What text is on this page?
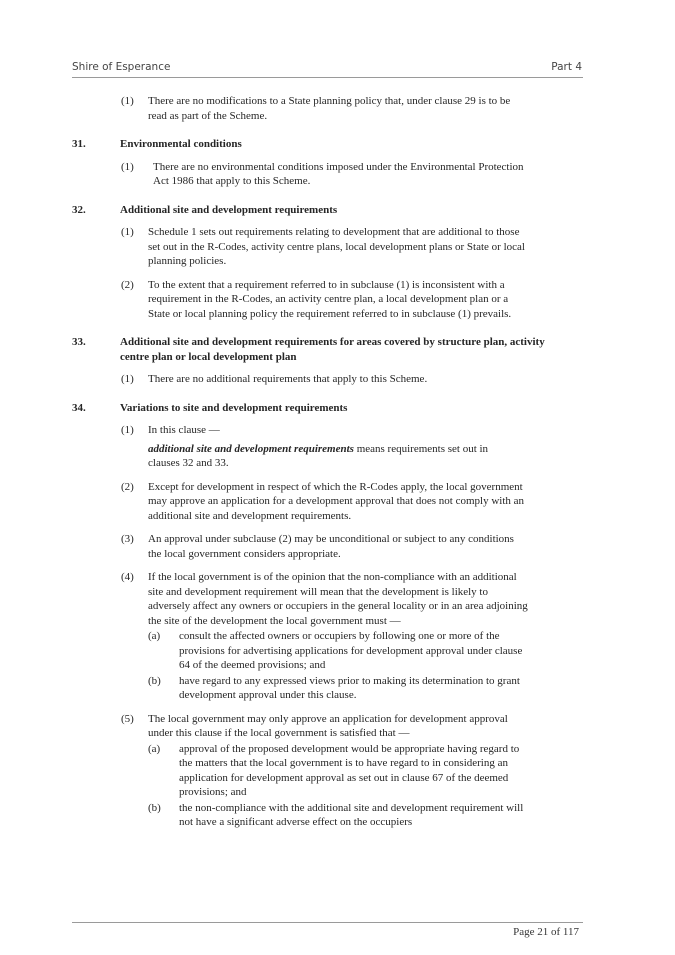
Shire of Esperance	Part 4
(1) There are no modifications to a State planning policy that, under clause 29 is to be read as part of the Scheme.
31.	Environmental conditions
(1) There are no environmental conditions imposed under the Environmental Protection Act 1986 that apply to this Scheme.
32.	Additional site and development requirements
(1) Schedule 1 sets out requirements relating to development that are additional to those set out in the R-Codes, activity centre plans, local development plans or State or local planning policies.
(2) To the extent that a requirement referred to in subclause (1) is inconsistent with a requirement in the R-Codes, an activity centre plan, a local development plan or a State or local planning policy the requirement referred to in subclause (1) prevails.
33.	Additional site and development requirements for areas covered by structure plan, activity centre plan or local development plan
(1) There are no additional requirements that apply to this Scheme.
34.	Variations to site and development requirements
(1) In this clause —
additional site and development requirements means requirements set out in clauses 32 and 33.
(2) Except for development in respect of which the R-Codes apply, the local government may approve an application for a development approval that does not comply with an additional site and development requirements.
(3) An approval under subclause (2) may be unconditional or subject to any conditions the local government considers appropriate.
(4) If the local government is of the opinion that the non-compliance with an additional site and development requirement will mean that the development is likely to adversely affect any owners or occupiers in the general locality or in an area adjoining the site of the development the local government must —
(a) consult the affected owners or occupiers by following one or more of the provisions for advertising applications for development approval under clause 64 of the deemed provisions; and
(b) have regard to any expressed views prior to making its determination to grant development approval under this clause.
(5) The local government may only approve an application for development approval under this clause if the local government is satisfied that —
(a) approval of the proposed development would be appropriate having regard to the matters that the local government is to have regard to in considering an application for development approval as set out in clause 67 of the deemed provisions; and
(b) the non-compliance with the additional site and development requirement will not have a significant adverse effect on the occupiers
Page 21 of 117
